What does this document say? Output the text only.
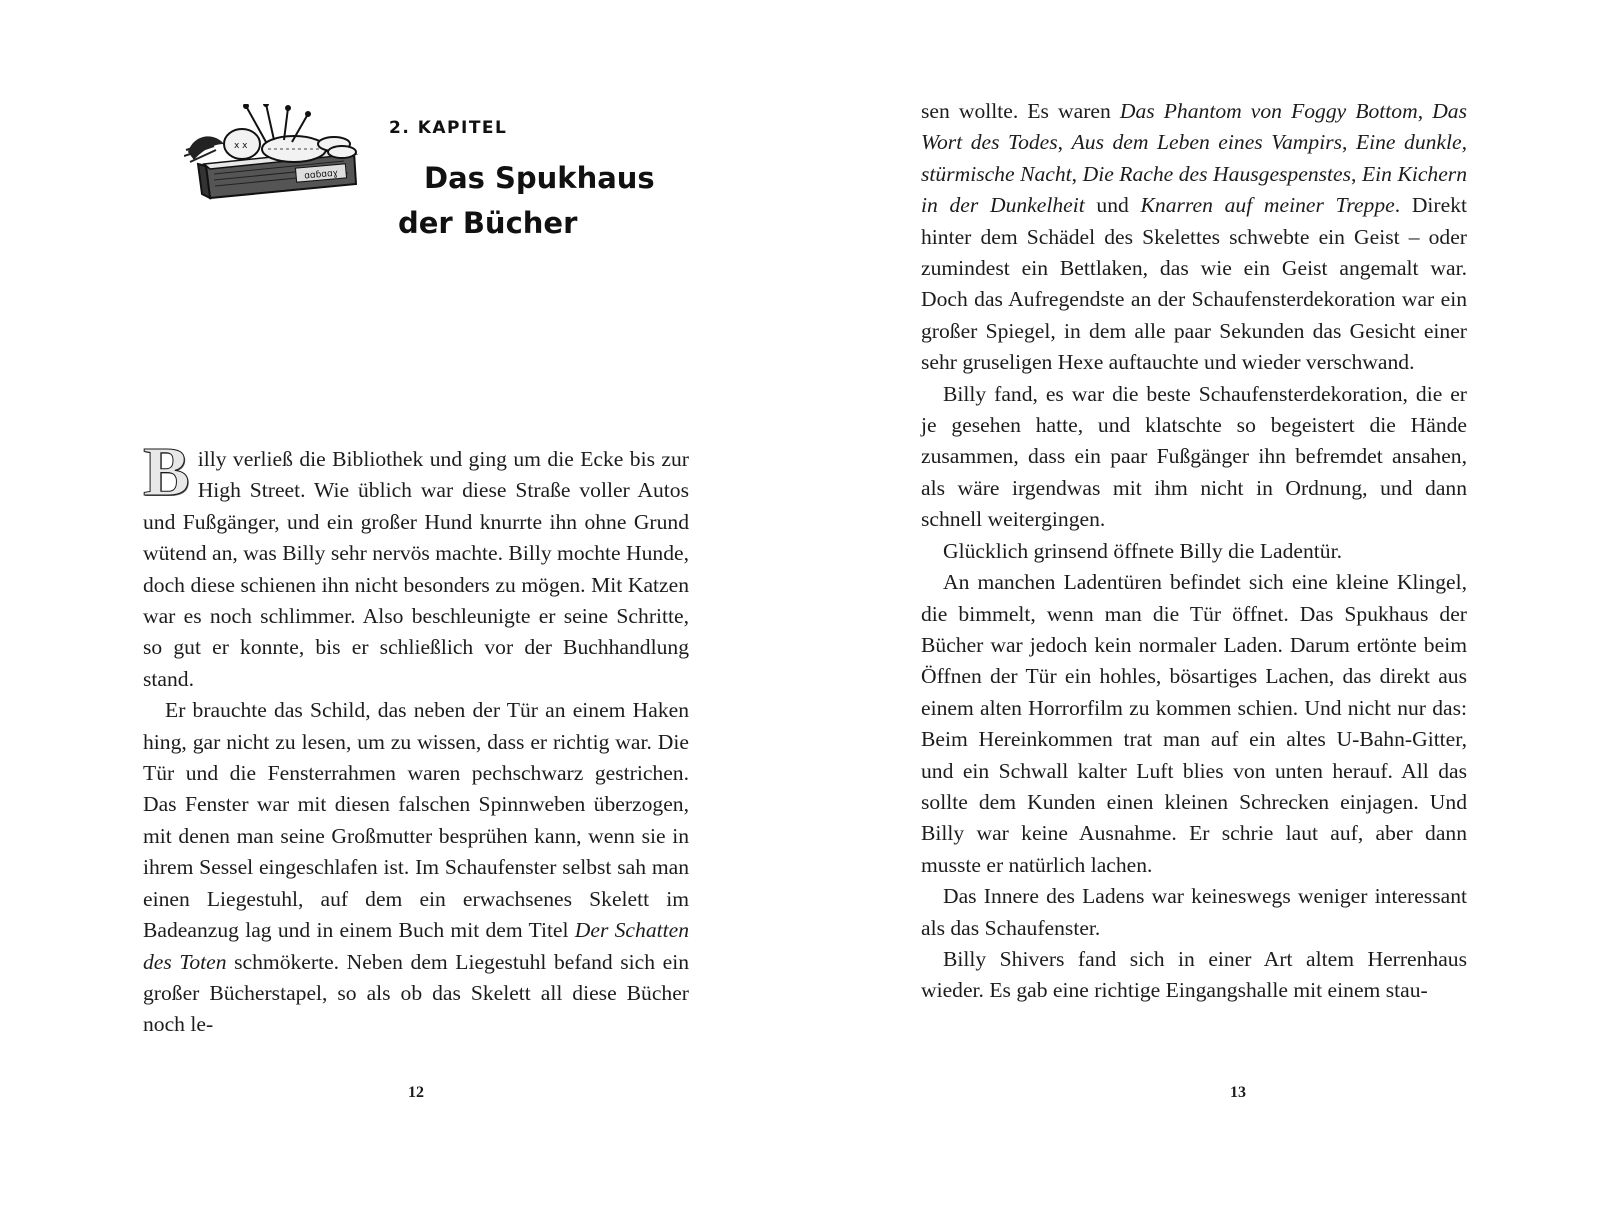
ɑɑɓɑɑɣ
x x
2. KAPITEL
Das Spukhaus
der Bücher

Billy verließ die Bibliothek und ging um die Ecke bis zur High Street. Wie üblich war diese Straße voller Autos und Fußgänger, und ein großer Hund knurrte ihn ohne Grund wütend an, was Billy sehr nervös machte. Billy mochte Hunde, doch diese schienen ihn nicht besonders zu mögen. Mit Katzen war es noch schlimmer. Also beschleunigte er seine Schritte, so gut er konnte, bis er schließlich vor der Buchhandlung stand.

Er brauchte das Schild, das neben der Tür an einem Haken hing, gar nicht zu lesen, um zu wissen, dass er richtig war. Die Tür und die Fensterrahmen waren pechschwarz gestrichen. Das Fenster war mit diesen falschen Spinnweben überzogen, mit denen man seine Großmutter besprühen kann, wenn sie in ihrem Sessel eingeschlafen ist. Im Schaufenster selbst sah man einen Liegestuhl, auf dem ein erwachsenes Skelett im Badeanzug lag und in einem Buch mit dem Titel Der Schatten des Toten schmökerte. Neben dem Liegestuhl befand sich ein großer Bücherstapel, so als ob das Skelett all diese Bücher noch le-

12

sen wollte. Es waren Das Phantom von Foggy Bottom, Das Wort des Todes, Aus dem Leben eines Vampirs, Eine dunkle, stürmische Nacht, Die Rache des Hausgespenstes, Ein Kichern in der Dunkelheit und Knarren auf meiner Treppe. Direkt hinter dem Schädel des Skelettes schwebte ein Geist – oder zumindest ein Bettlaken, das wie ein Geist angemalt war. Doch das Aufregendste an der Schaufensterdekoration war ein großer Spiegel, in dem alle paar Sekunden das Gesicht einer sehr gruseligen Hexe auftauchte und wieder verschwand.

Billy fand, es war die beste Schaufensterdekoration, die er je gesehen hatte, und klatschte so begeistert die Hände zusammen, dass ein paar Fußgänger ihn befremdet ansahen, als wäre irgendwas mit ihm nicht in Ordnung, und dann schnell weitergingen.

Glücklich grinsend öffnete Billy die Ladentür.

An manchen Ladentüren befindet sich eine kleine Klingel, die bimmelt, wenn man die Tür öffnet. Das Spukhaus der Bücher war jedoch kein normaler Laden. Darum ertönte beim Öffnen der Tür ein hohles, bösartiges Lachen, das direkt aus einem alten Horrorfilm zu kommen schien. Und nicht nur das: Beim Hereinkommen trat man auf ein altes U-Bahn-Gitter, und ein Schwall kalter Luft blies von unten herauf. All das sollte dem Kunden einen kleinen Schrecken einjagen. Und Billy war keine Ausnahme. Er schrie laut auf, aber dann musste er natürlich lachen.

Das Innere des Ladens war keineswegs weniger interessant als das Schaufenster.

Billy Shivers fand sich in einer Art altem Herrenhaus wieder. Es gab eine richtige Eingangshalle mit einem stau-

13
